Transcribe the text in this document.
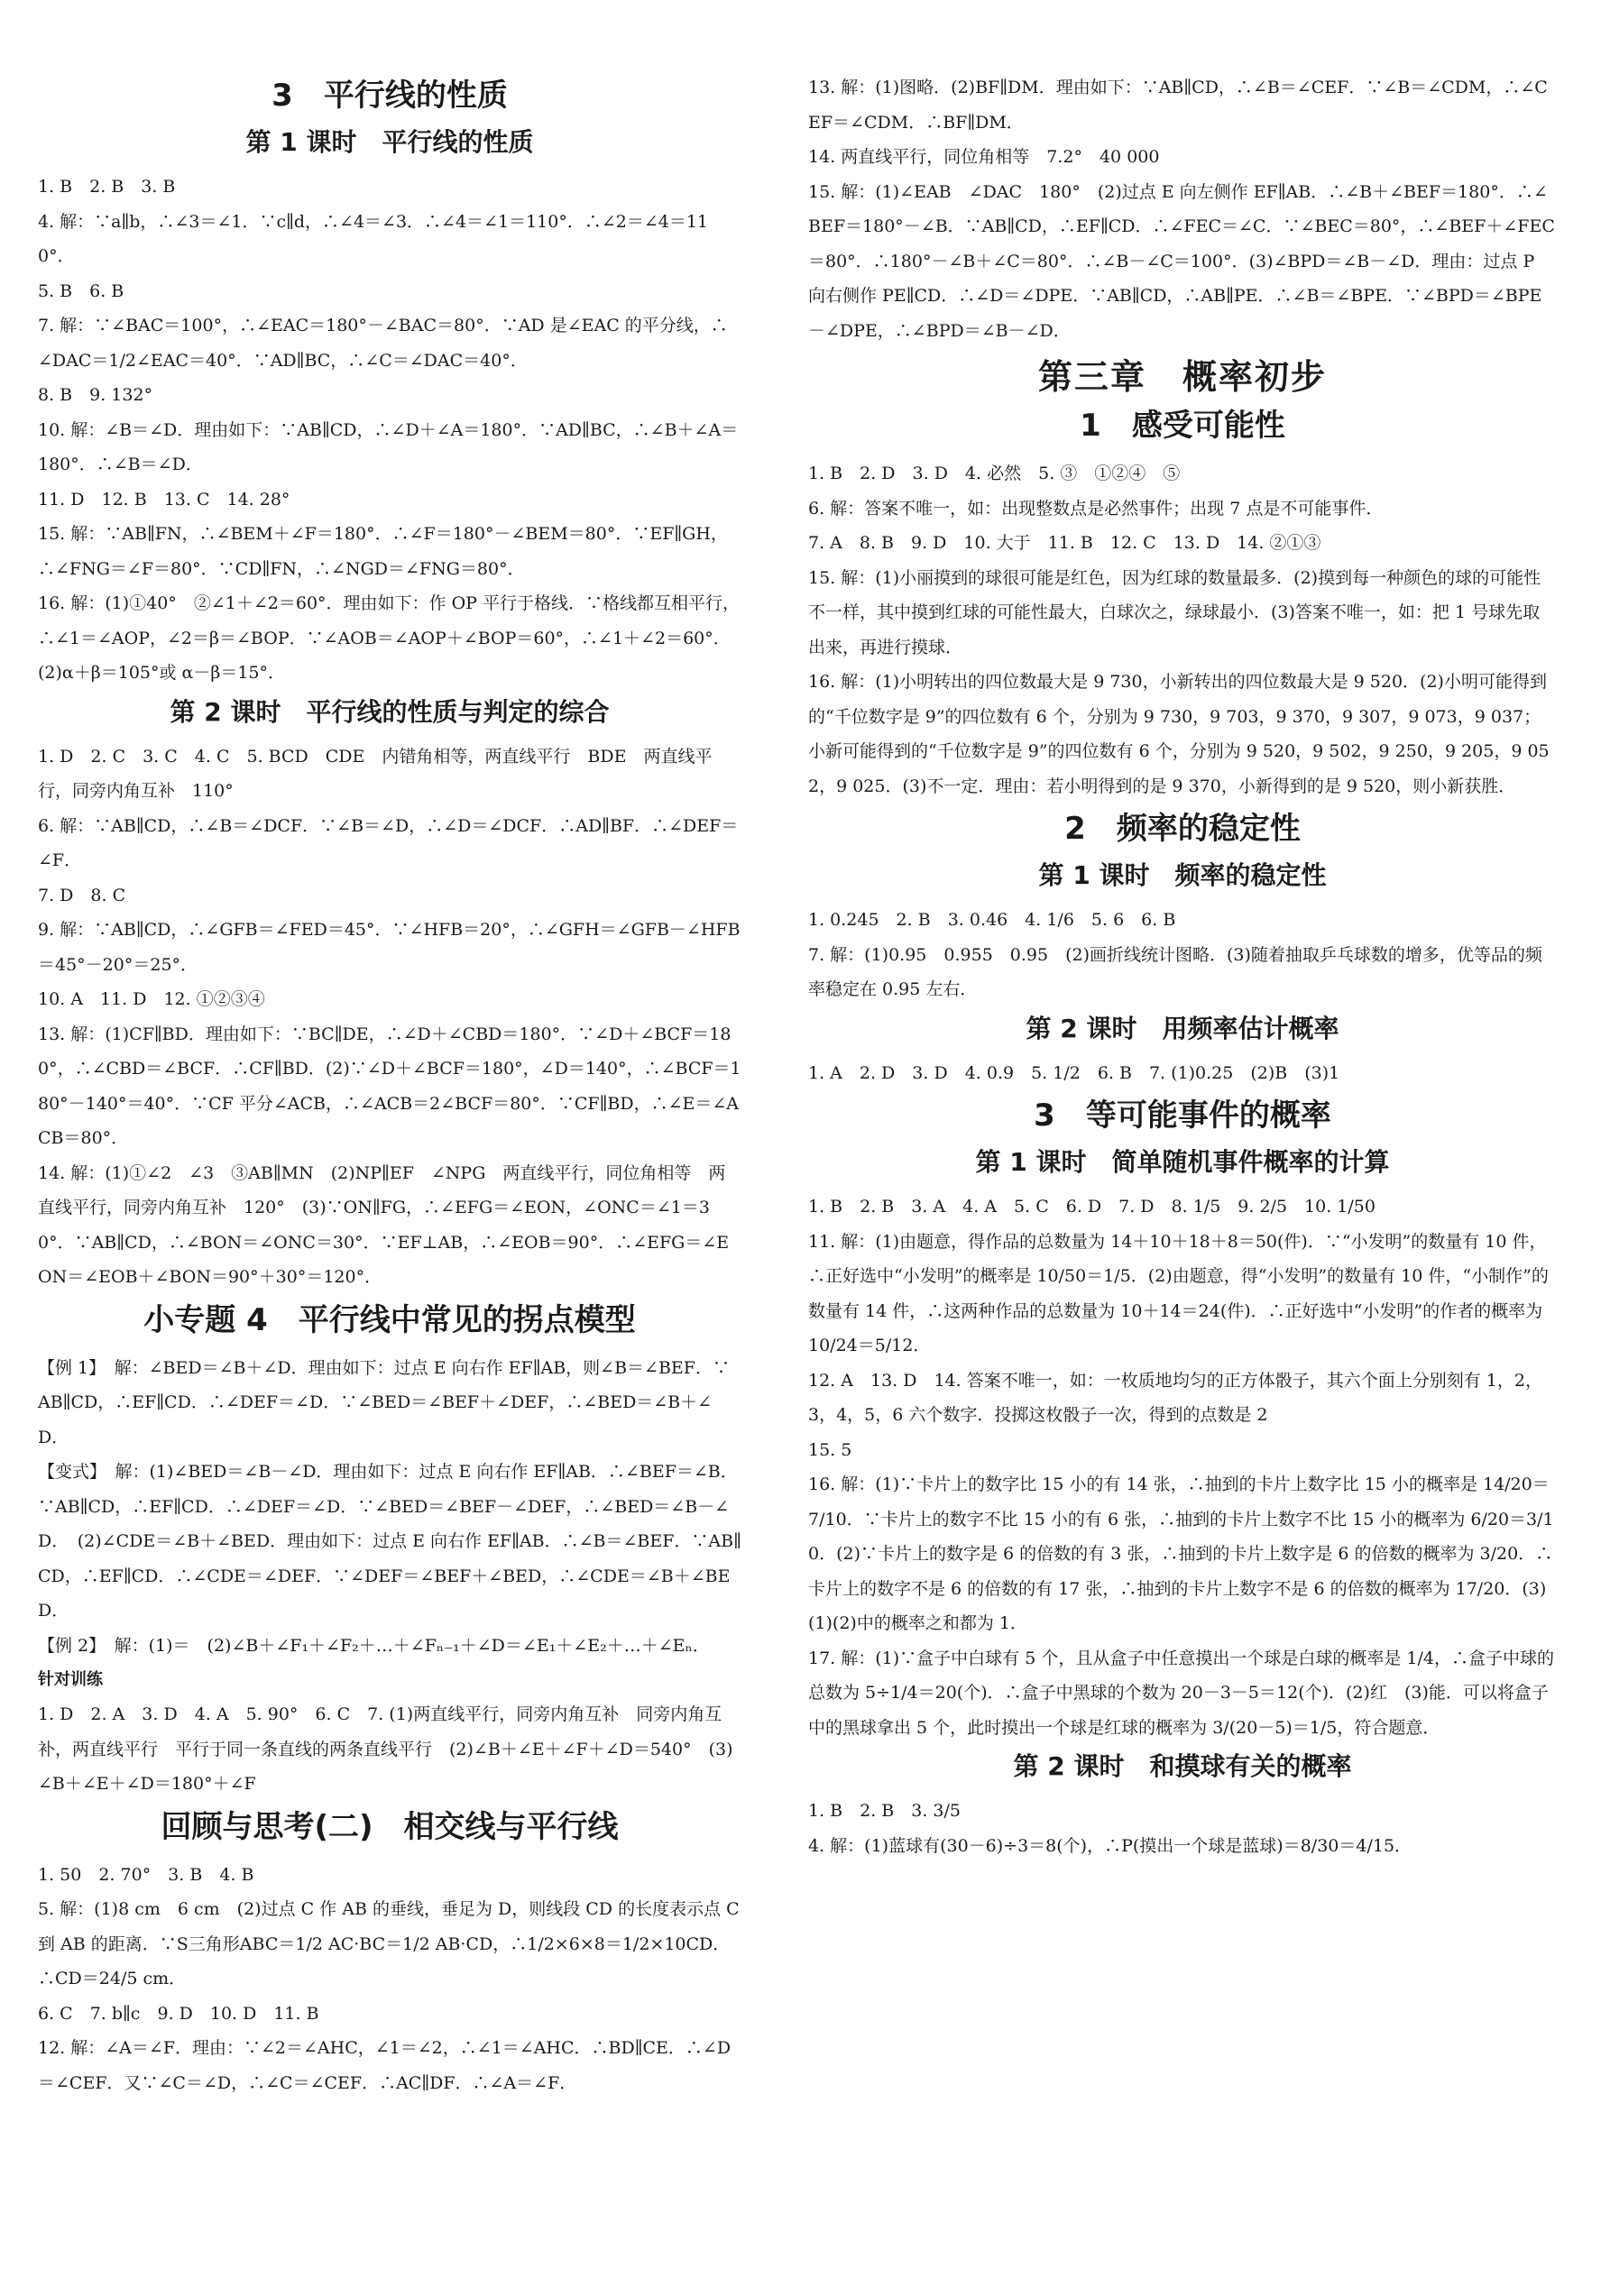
3　平行线的性质
第 1 课时　平行线的性质
1. B　2. B　3. B
4. 解：∵a∥b，∴∠3＝∠1．∵c∥d，∴∠4＝∠3．∴∠4＝∠1＝110°．∴∠2＝∠4＝110°．
5. B　6. B
7. 解：∵∠BAC＝100°，∴∠EAC＝180°－∠BAC＝80°．∵AD 是∠EAC 的平分线，∴∠DAC＝1/2∠EAC＝40°．∵AD∥BC，∴∠C＝∠DAC＝40°．
8. B　9. 132°
10. 解：∠B＝∠D．理由如下：∵AB∥CD，∴∠D＋∠A＝180°．∵AD∥BC，∴∠B＋∠A＝180°．∴∠B＝∠D．
11. D　12. B　13. C　14. 28°
15. 解：∵AB∥FN，∴∠BEM＋∠F＝180°．∴∠F＝180°－∠BEM＝80°．∵EF∥GH，∴∠FNG＝∠F＝80°．∵CD∥FN，∴∠NGD＝∠FNG＝80°．
16. 解：(1)①40°　②∠1＋∠2＝60°．理由如下：作 OP 平行于格线．∵格线都互相平行，∴∠1＝∠AOP，∠2＝β＝∠BOP．∵∠AOB＝∠AOP＋∠BOP＝60°，∴∠1＋∠2＝60°．(2)α＋β＝105°或 α－β＝15°．
第 2 课时　平行线的性质与判定的综合
1. D　2. C　3. C　4. C　5. BCD　CDE　内错角相等，两直线平行　BDE　两直线平行，同旁内角互补　110°
6. 解：∵AB∥CD，∴∠B＝∠DCF．∵∠B＝∠D，∴∠D＝∠DCF．∴AD∥BF．∴∠DEF＝∠F．
7. D　8. C
9. 解：∵AB∥CD，∴∠GFB＝∠FED＝45°．∵∠HFB＝20°，∴∠GFH＝∠GFB－∠HFB＝45°－20°＝25°．
10. A　11. D　12. ①②③④
13. 解：(1)CF∥BD．理由如下：∵BC∥DE，∴∠D＋∠CBD＝180°．∵∠D＋∠BCF＝180°，∴∠CBD＝∠BCF．∴CF∥BD．(2)∵∠D＋∠BCF＝180°，∠D＝140°，∴∠BCF＝180°－140°＝40°．∵CF 平分∠ACB，∴∠ACB＝2∠BCF＝80°．∵CF∥BD，∴∠E＝∠ACB＝80°．
14. 解：(1)①∠2　∠3　③AB∥MN　(2)NP∥EF　∠NPG　两直线平行，同位角相等　两直线平行，同旁内角互补　120°　(3)∵ON∥FG，∴∠EFG＝∠EON，∠ONC＝∠1＝30°．∵AB∥CD，∴∠BON＝∠ONC＝30°．∵EF⊥AB，∴∠EOB＝90°．∴∠EFG＝∠EON＝∠EOB＋∠BON＝90°＋30°＝120°．
小专题 4　平行线中常见的拐点模型
【例 1】　解：∠BED＝∠B＋∠D．理由如下：过点 E 向右作 EF∥AB，则∠B＝∠BEF．∵AB∥CD，∴EF∥CD．∴∠DEF＝∠D．∵∠BED＝∠BEF＋∠DEF，∴∠BED＝∠B＋∠D．
【变式】　解：(1)∠BED＝∠B－∠D．理由如下：过点 E 向右作 EF∥AB．∴∠BEF＝∠B．∵AB∥CD，∴EF∥CD．∴∠DEF＝∠D．∵∠BED＝∠BEF－∠DEF，∴∠BED＝∠B－∠D．　(2)∠CDE＝∠B＋∠BED．理由如下：过点 E 向右作 EF∥AB．∴∠B＝∠BEF．∵AB∥CD，∴EF∥CD．∴∠CDE＝∠DEF．∵∠DEF＝∠BEF＋∠BED，∴∠CDE＝∠B＋∠BED．
【例 2】　解：(1)＝　(2)∠B＋∠F₁＋∠F₂＋…＋∠Fₙ₋₁＋∠D＝∠E₁＋∠E₂＋…＋∠Eₙ．
针对训练
1. D　2. A　3. D　4. A　5. 90°　6. C　7. (1)两直线平行，同旁内角互补　同旁内角互补，两直线平行　平行于同一条直线的两条直线平行　(2)∠B＋∠E＋∠F＋∠D＝540°　(3)∠B＋∠E＋∠D＝180°＋∠F
回顾与思考(二)　相交线与平行线
1. 50　2. 70°　3. B　4. B
5. 解：(1)8 cm　6 cm　(2)过点 C 作 AB 的垂线，垂足为 D，则线段 CD 的长度表示点 C 到 AB 的距离．∵S三角形ABC＝1/2 AC·BC＝1/2 AB·CD，∴1/2×6×8＝1/2×10CD．∴CD＝24/5 cm．
6. C　7. b∥c　9. D　10. D　11. B
12. 解：∠A＝∠F．理由：∵∠2＝∠AHC，∠1＝∠2，∴∠1＝∠AHC．∴BD∥CE．∴∠D＝∠CEF．又∵∠C＝∠D，∴∠C＝∠CEF．∴AC∥DF．∴∠A＝∠F．
13. 解：(1)图略．(2)BF∥DM．理由如下：∵AB∥CD，∴∠B＝∠CEF．∵∠B＝∠CDM，∴∠CEF＝∠CDM．∴BF∥DM．
14. 两直线平行，同位角相等　7.2°　40 000
15. 解：(1)∠EAB　∠DAC　180°　(2)过点 E 向左侧作 EF∥AB．∴∠B＋∠BEF＝180°．∴∠BEF＝180°－∠B．∵AB∥CD，∴EF∥CD．∴∠FEC＝∠C．∵∠BEC＝80°，∴∠BEF＋∠FEC＝80°．∴180°－∠B＋∠C＝80°．∴∠B－∠C＝100°．(3)∠BPD＝∠B－∠D．理由：过点 P 向右侧作 PE∥CD．∴∠D＝∠DPE．∵AB∥CD，∴AB∥PE．∴∠B＝∠BPE．∵∠BPD＝∠BPE－∠DPE，∴∠BPD＝∠B－∠D．
第三章　概率初步
1　感受可能性
1. B　2. D　3. D　4. 必然　5. ③　①②④　⑤
6. 解：答案不唯一，如：出现整数点是必然事件；出现 7 点是不可能事件．
7. A　8. B　9. D　10. 大于　11. B　12. C　13. D　14. ②①③
15. 解：(1)小丽摸到的球很可能是红色，因为红球的数量最多．(2)摸到每一种颜色的球的可能性不一样，其中摸到红球的可能性最大，白球次之，绿球最小．(3)答案不唯一，如：把 1 号球先取出来，再进行摸球．
16. 解：(1)小明转出的四位数最大是 9 730，小新转出的四位数最大是 9 520．(2)小明可能得到的“千位数字是 9”的四位数有 6 个，分别为 9 730，9 703，9 370，9 307，9 073，9 037；小新可能得到的“千位数字是 9”的四位数有 6 个，分别为 9 520，9 502，9 250，9 205，9 052，9 025．(3)不一定．理由：若小明得到的是 9 370，小新得到的是 9 520，则小新获胜．
2　频率的稳定性
第 1 课时　频率的稳定性
1. 0.245　2. B　3. 0.46　4. 1/6　5. 6　6. B
7. 解：(1)0.95　0.955　0.95　(2)画折线统计图略．(3)随着抽取乒乓球数的增多，优等品的频率稳定在 0.95 左右．
第 2 课时　用频率估计概率
1. A　2. D　3. D　4. 0.9　5. 1/2　6. B　7. (1)0.25　(2)B　(3)1
3　等可能事件的概率
第 1 课时　简单随机事件概率的计算
1. B　2. B　3. A　4. A　5. C　6. D　7. D　8. 1/5　9. 2/5　10. 1/50
11. 解：(1)由题意，得作品的总数量为 14＋10＋18＋8＝50(件)．∵“小发明”的数量有 10 件，∴正好选中“小发明”的概率是 10/50＝1/5．(2)由题意，得“小发明”的数量有 10 件，“小制作”的数量有 14 件，∴这两种作品的总数量为 10＋14＝24(件)．∴正好选中“小发明”的作者的概率为 10/24＝5/12．
12. A　13. D　14. 答案不唯一，如：一枚质地均匀的正方体骰子，其六个面上分别刻有 1，2，3，4，5，6 六个数字．投掷这枚骰子一次，得到的点数是 2
15. 5
16. 解：(1)∵卡片上的数字比 15 小的有 14 张，∴抽到的卡片上数字比 15 小的概率是 14/20＝7/10．∵卡片上的数字不比 15 小的有 6 张，∴抽到的卡片上数字不比 15 小的概率为 6/20＝3/10．(2)∵卡片上的数字是 6 的倍数的有 3 张，∴抽到的卡片上数字是 6 的倍数的概率为 3/20．∴卡片上的数字不是 6 的倍数的有 17 张，∴抽到的卡片上数字不是 6 的倍数的概率为 17/20．(3)(1)(2)中的概率之和都为 1．
17. 解：(1)∵盒子中白球有 5 个，且从盒子中任意摸出一个球是白球的概率是 1/4，∴盒子中球的总数为 5÷1/4＝20(个)．∴盒子中黑球的个数为 20－3－5＝12(个)．(2)红　(3)能．可以将盒子中的黑球拿出 5 个，此时摸出一个球是红球的概率为 3/(20－5)＝1/5，符合题意．
第 2 课时　和摸球有关的概率
1. B　2. B　3. 3/5
4. 解：(1)蓝球有(30－6)÷3＝8(个)，∴P(摸出一个球是蓝球)＝8/30＝4/15．
